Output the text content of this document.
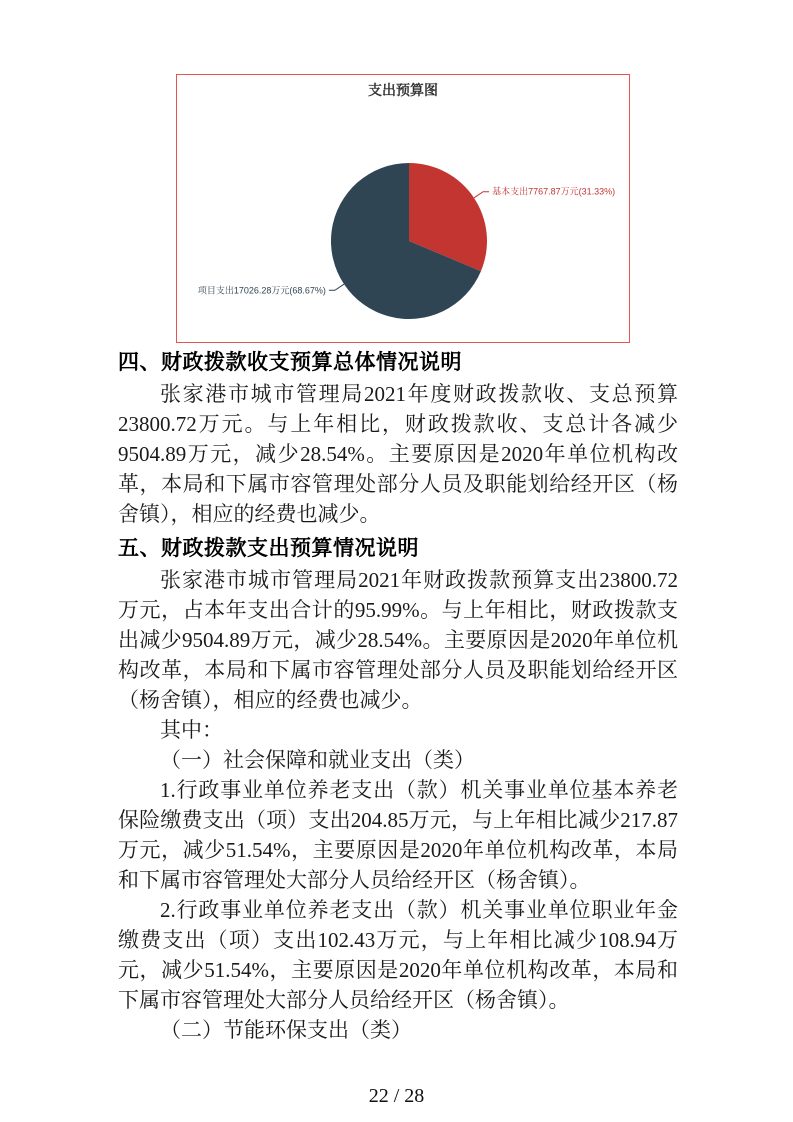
支出预算图
基本支出7767.87万元(31.33%)
项目支出17026.28万元(68.67%)
四、财政拨款收支预算总体情况说明

张家港市城市管理局2021年度财政拨款收、支总预算23800.72万元。与上年相比，财政拨款收、支总计各减少9504.89万元，减少28.54%。主要原因是2020年单位机构改革，本局和下属市容管理处部分人员及职能划给经开区（杨舍镇），相应的经费也减少。

五、财政拨款支出预算情况说明

张家港市城市管理局2021年财政拨款预算支出23800.72万元，占本年支出合计的95.99%。与上年相比，财政拨款支出减少9504.89万元，减少28.54%。主要原因是2020年单位机构改革，本局和下属市容管理处部分人员及职能划给经开区（杨舍镇），相应的经费也减少。

其中：

（一）社会保障和就业支出（类）

1.行政事业单位养老支出（款）机关事业单位基本养老保险缴费支出（项）支出204.85万元，与上年相比减少217.87万元，减少51.54%，主要原因是2020年单位机构改革，本局和下属市容管理处大部分人员给经开区（杨舍镇）。

2.行政事业单位养老支出（款）机关事业单位职业年金缴费支出（项）支出102.43万元，与上年相比减少108.94万元，减少51.54%，主要原因是2020年单位机构改革，本局和下属市容管理处大部分人员给经开区（杨舍镇）。

（二）节能环保支出（类）

22 / 28
